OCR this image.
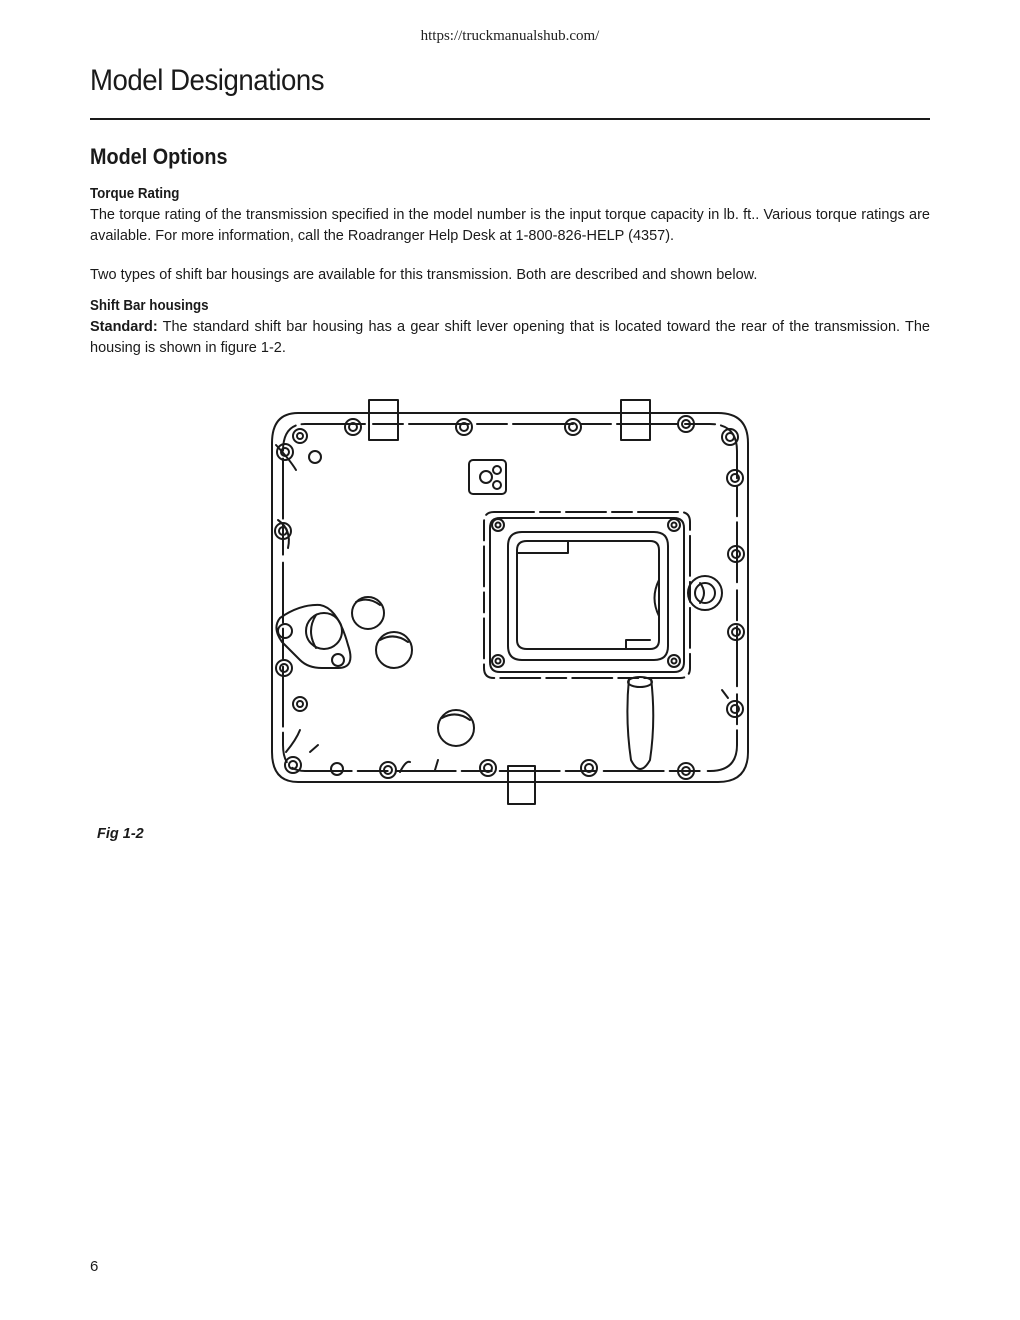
https://truckmanualshub.com/
Model Designations
Model Options
Torque Rating

The torque rating of the transmission specified in the model number is the input torque capacity in lb. ft.. Various torque ratings are available. For more information, call the Roadranger Help Desk at 1-800-826-HELP (4357).

Two types of shift bar housings are available for this transmission. Both are described and shown below.

Shift Bar housings

Standard: The standard shift bar housing has a gear shift lever opening that is located toward the rear of the transmission. The housing is shown in figure 1-2.

Fig 1-2

6
